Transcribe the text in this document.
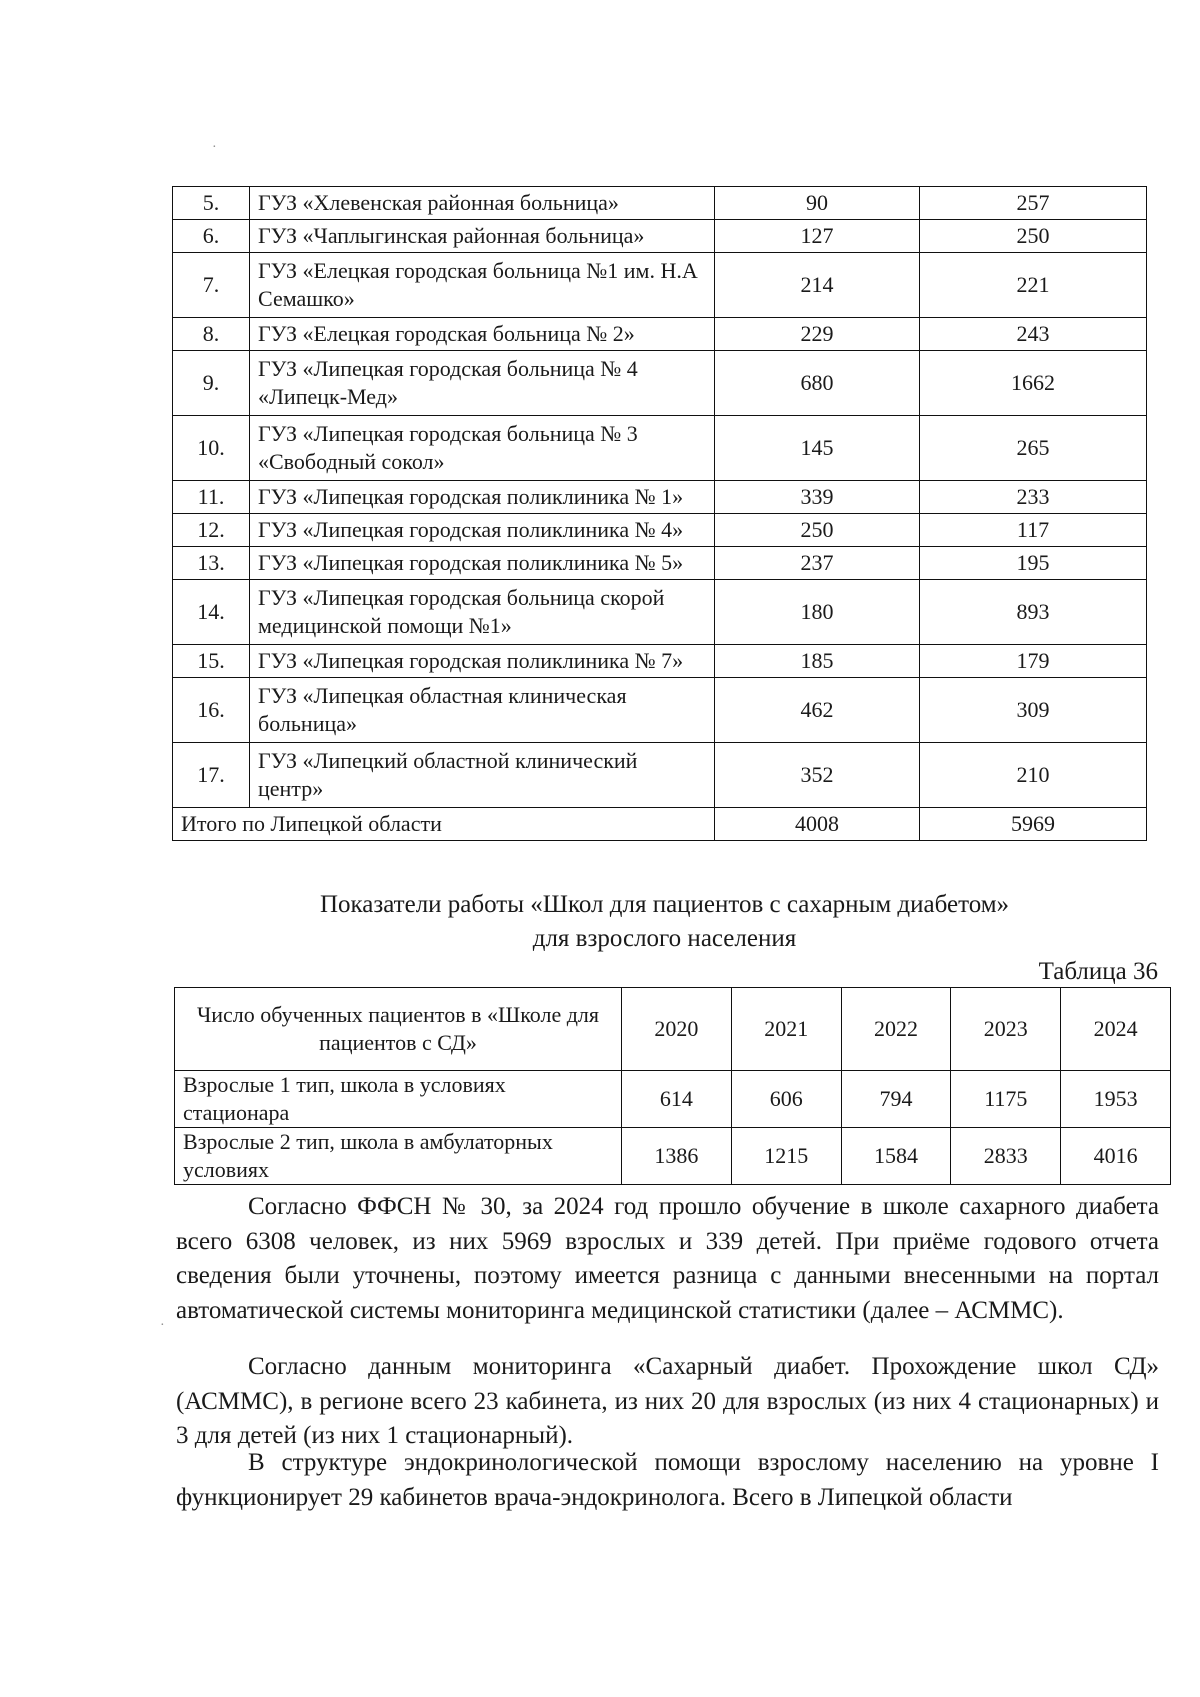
·
5.	ГУЗ «Хлевенская районная больница»	90	257
6.	ГУЗ «Чаплыгинская районная больница»	127	250
7.	ГУЗ «Елецкая городская больница №1 им. Н.А Семашко»	214	221
8.	ГУЗ «Елецкая городская больница № 2»	229	243
9.	ГУЗ «Липецкая городская больница № 4 «Липецк-Мед»	680	1662
10.	ГУЗ «Липецкая городская больница № 3 «Свободный сокол»	145	265
11.	ГУЗ «Липецкая городская поликлиника № 1»	339	233
12.	ГУЗ «Липецкая городская поликлиника № 4»	250	117
13.	ГУЗ «Липецкая городская поликлиника № 5»	237	195
14.	ГУЗ «Липецкая городская больница скорой медицинской помощи №1»	180	893
15.	ГУЗ «Липецкая городская поликлиника № 7»	185	179
16.	ГУЗ «Липецкая областная клиническая больница»	462	309
17.	ГУЗ «Липецкий областной клинический центр»	352	210
Итого по Липецкой области		4008	5969
Показатели работы «Школ для пациентов с сахарным диабетом»
для взрослого населения
Таблица 36
Число обученных пациентов в «Школе для пациентов с СД»	2020	2021	2022	2023	2024
Взрослые 1 тип, школа в условиях стационара	614	606	794	1175	1953
Взрослые 2 тип, школа в амбулаторных условиях	1386	1215	1584	2833	4016

Согласно ФФСН № 30, за 2024 год прошло обучение в школе сахарного диабета всего 6308 человек, из них 5969 взрослых и 339 детей. При приёме годового отчета сведения были уточнены, поэтому имеется разница с данными внесенными на портал автоматической системы мониторинга медицинской статистики (далее – АСММС).

Согласно данным мониторинга «Сахарный диабет. Прохождение школ СД» (АСММС), в регионе всего 23 кабинета, из них 20 для взрослых (из них 4 стационарных) и 3 для детей (из них 1 стационарный).

В структуре эндокринологической помощи взрослому населению на уровне I функционирует 29 кабинетов врача-эндокринолога. Всего в Липецкой области

·
